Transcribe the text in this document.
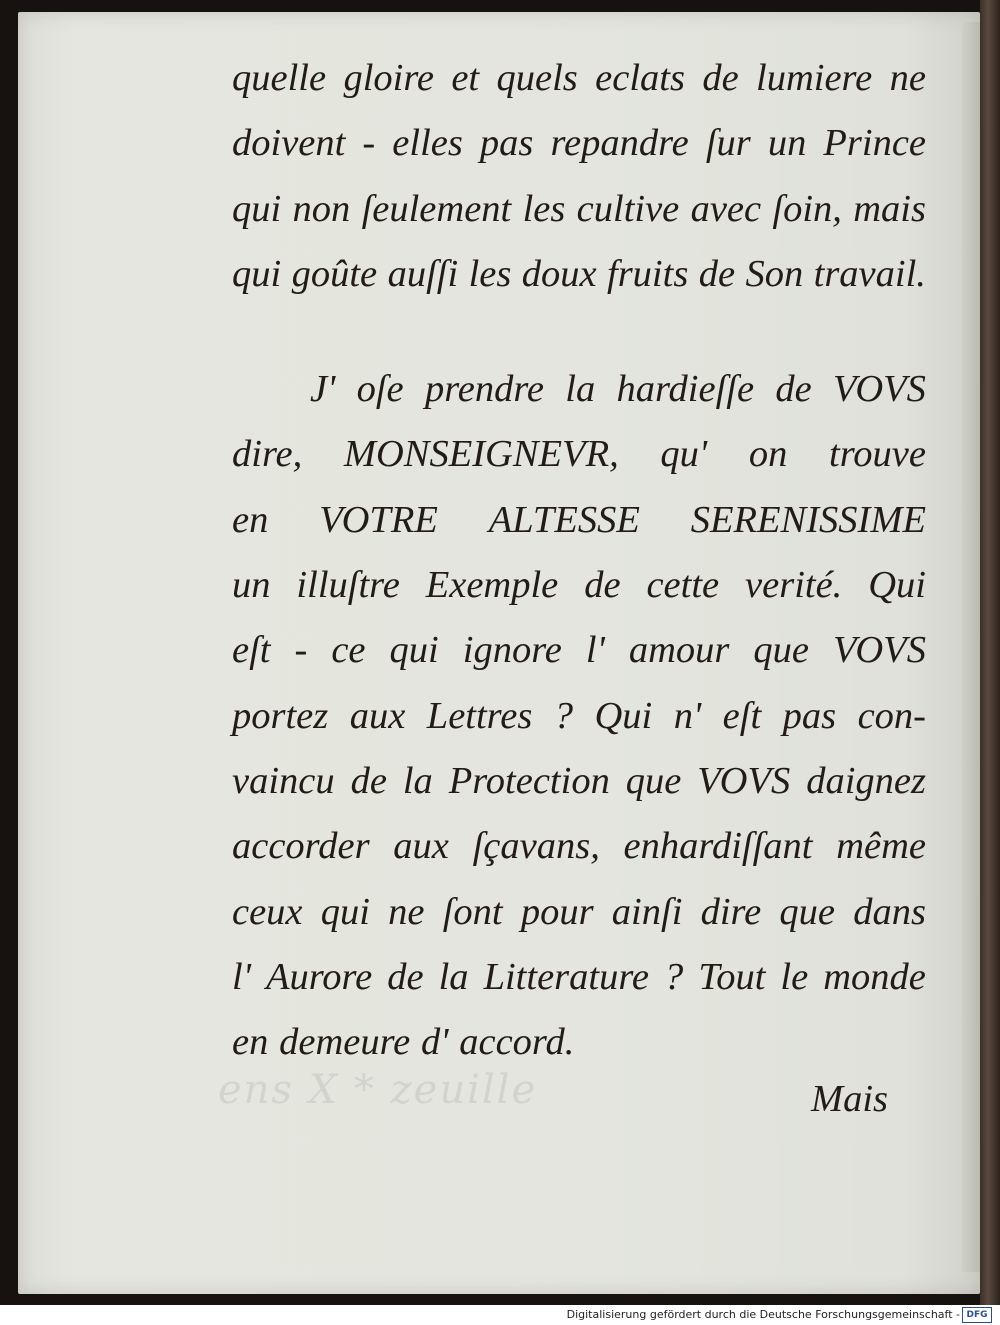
ens X * zeuille
quelle gloire et quels eclats de lumiere ne
doivent - elles pas repandre ſur un Prince
qui non ſeulement les cultive avec ſoin, mais
qui goûte auſſi les doux fruits de Son travail.
J' oſe prendre la hardieſſe de VOVS
dire, MONSEIGNEVR, qu' on trouve
en VOTRE ALTESSE SERENISSIME
un illuſtre Exemple de cette verité. Qui
eſt - ce qui ignore l' amour que VOVS
portez aux Lettres ? Qui n' eſt pas con-
vaincu de la Protection que VOVS daignez
accorder aux ſçavans, enhardiſſant même
ceux qui ne ſont pour ainſi dire que dans
l' Aurore de la Litterature ? Tout le monde
en demeure d' accord.
Mais
Digitalisierung gefördert durch die Deutsche Forschungsgemeinschaft - DFG
